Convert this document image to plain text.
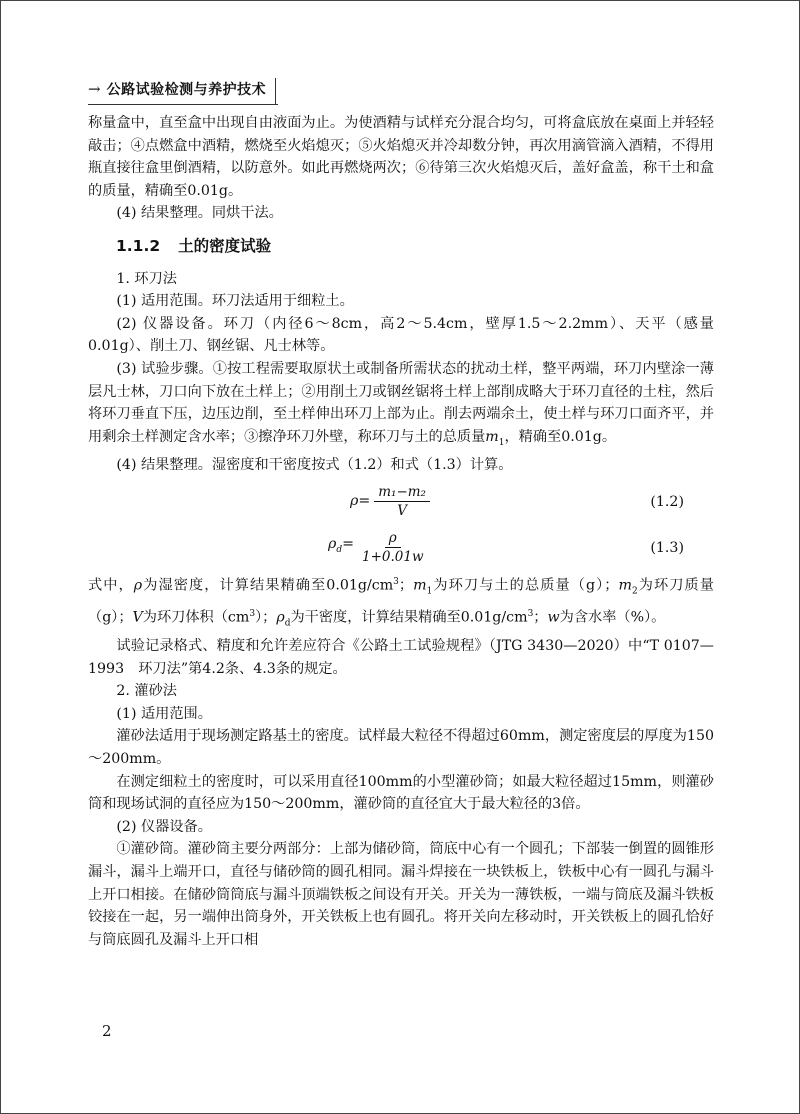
→ 公路试验检测与养护技术

称量盒中，直至盒中出现自由液面为止。为使酒精与试样充分混合均匀，可将盒底放在桌面上并轻轻敲击；④点燃盒中酒精，燃烧至火焰熄灭；⑤火焰熄灭并冷却数分钟，再次用滴管滴入酒精，不得用瓶直接往盒里倒酒精，以防意外。如此再燃烧两次；⑥待第三次火焰熄灭后，盖好盒盖，称干土和盒的质量，精确至0.01g。

(4) 结果整理。同烘干法。

1.1.2 土的密度试验

1. 环刀法

(1) 适用范围。环刀法适用于细粒土。

(2) 仪器设备。环刀（内径6～8cm，高2～5.4cm，壁厚1.5～2.2mm）、天平（感量0.01g）、削土刀、钢丝锯、凡士林等。

(3) 试验步骤。①按工程需要取原状土或制备所需状态的扰动土样，整平两端，环刀内壁涂一薄层凡士林，刀口向下放在土样上；②用削土刀或钢丝锯将土样上部削成略大于环刀直径的土柱，然后将环刀垂直下压，边压边削，至土样伸出环刀上部为止。削去两端余土，使土样与环刀口面齐平，并用剩余土样测定含水率；③擦净环刀外壁，称环刀与土的总质量$m_1$，精确至0.01g。

(4) 结果整理。湿密度和干密度按式（1.2）和式（1.3）计算。

$\rho= \frac{\text{m₁−m₂}}{V}$	(1.2)
$\rho_d= \frac{\rho}{1+0.01w}$	(1.3)

式中，ρ为湿密度，计算结果精确至$0.01g/cm^3$；$m_1$为环刀与土的总质量（g）；$m_2$为环刀质量（g）；V为环刀体积$(cm^3)$；$\rho_d$为干密度，计算结果精确至$0.01g/cm^3$；w为含水率（%）。

试验记录格式、精度和允许差应符合《公路土工试验规程》（JTG 3430—2020）中“T 0107—1993　环刀法”第4.2条、4.3条的规定。

2. 灌砂法

(1) 适用范围。

灌砂法适用于现场测定路基土的密度。试样最大粒径不得超过60mm，测定密度层的厚度为150～200mm。

在测定细粒土的密度时，可以采用直径100mm的小型灌砂筒；如最大粒径超过15mm，则灌砂筒和现场试洞的直径应为150～200mm，灌砂筒的直径宜大于最大粒径的3倍。

(2) 仪器设备。

①灌砂筒。灌砂筒主要分两部分：上部为储砂筒，筒底中心有一个圆孔；下部装一倒置的圆锥形漏斗，漏斗上端开口，直径与储砂筒的圆孔相同。漏斗焊接在一块铁板上，铁板中心有一圆孔与漏斗上开口相接。在储砂筒筒底与漏斗顶端铁板之间设有开关。开关为一薄铁板，一端与筒底及漏斗铁板铰接在一起，另一端伸出筒身外，开关铁板上也有圆孔。将开关向左移动时，开关铁板上的圆孔恰好与筒底圆孔及漏斗上开口相

2
